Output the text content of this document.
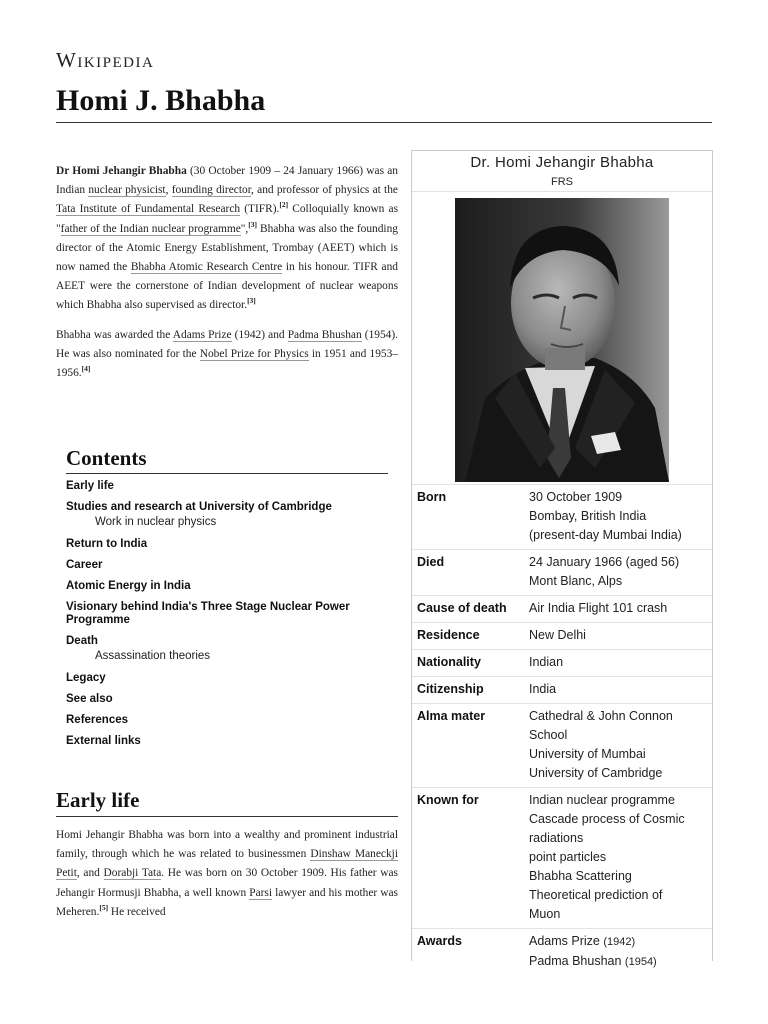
Wikipedia
Homi J. Bhabha

Dr Homi Jehangir Bhabha (30 October 1909 – 24 January 1966) was an Indian nuclear physicist, founding director, and professor of physics at the Tata Institute of Fundamental Research (TIFR).[2] Colloquially known as "father of the Indian nuclear programme",[3] Bhabha was also the founding director of the Atomic Energy Establishment, Trombay (AEET) which is now named the Bhabha Atomic Research Centre in his honour. TIFR and AEET were the cornerstone of Indian development of nuclear weapons which Bhabha also supervised as director.[3]

Bhabha was awarded the Adams Prize (1942) and Padma Bhushan (1954). He was also nominated for the Nobel Prize for Physics in 1951 and 1953–1956.[4]

Contents
Early life
Studies and research at University of Cambridge
Work in nuclear physics
Return to India
Career
Atomic Energy in India
Visionary behind India's Three Stage Nuclear Power Programme
Death
Assassination theories
Legacy
See also
References
External links
Early life
Homi Jehangir Bhabha was born into a wealthy and prominent industrial family, through which he was related to businessmen Dinshaw Maneckji Petit, and Dorabji Tata. He was born on 30 October 1909. His father was Jehangir Hormusji Bhabha, a well known Parsi lawyer and his mother was Meheren.[5] He received
Dr. Homi Jehangir Bhabha
FRS
Born	30 October 1909
Bombay, British India
(present-day Mumbai India)
Died	24 January 1966 (aged 56)
Mont Blanc, Alps
Cause of death	Air India Flight 101 crash
Residence	New Delhi
Nationality	Indian
Citizenship	India
Alma mater	Cathedral & John Connon
School
University of Mumbai
University of Cambridge
Known for	Indian nuclear programme
Cascade process of Cosmic
radiations
point particles
Bhabha Scattering
Theoretical prediction of
Muon
Awards	Adams Prize (1942)
Padma Bhushan (1954)
